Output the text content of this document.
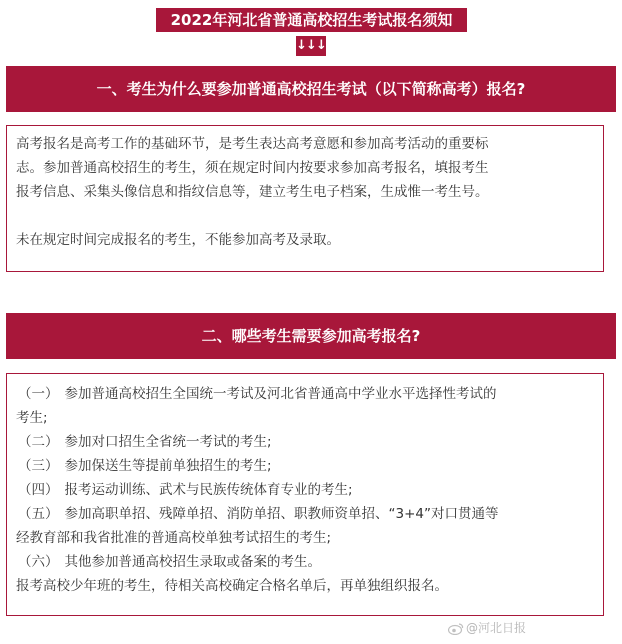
2022年河北省普通高校招生考试报名须知
↓↓↓
一、考生为什么要参加普通高校招生考试（以下简称高考）报名?

高考报名是高考工作的基础环节，是考生表达高考意愿和参加高考活动的重要标

志。参加普通高校招生的考生，须在规定时间内按要求参加高考报名，填报考生

报考信息、采集头像信息和指纹信息等，建立考生电子档案，生成惟一考生号。

未在规定时间完成报名的考生，不能参加高考及录取。

二、哪些考生需要参加高考报名?

（一） 参加普通高校招生全国统一考试及河北省普通高中学业水平选择性考试的

考生;

（二） 参加对口招生全省统一考试的考生;

（三） 参加保送生等提前单独招生的考生;

（四） 报考运动训练、武术与民族传统体育专业的考生;

（五） 参加高职单招、残障单招、消防单招、职教师资单招、“3+4”对口贯通等

经教育部和我省批准的普通高校单独考试招生的考生;

（六） 其他参加普通高校招生录取或备案的考生。

报考高校少年班的考生，待相关高校确定合格名单后，再单独组织报名。

@河北日报
